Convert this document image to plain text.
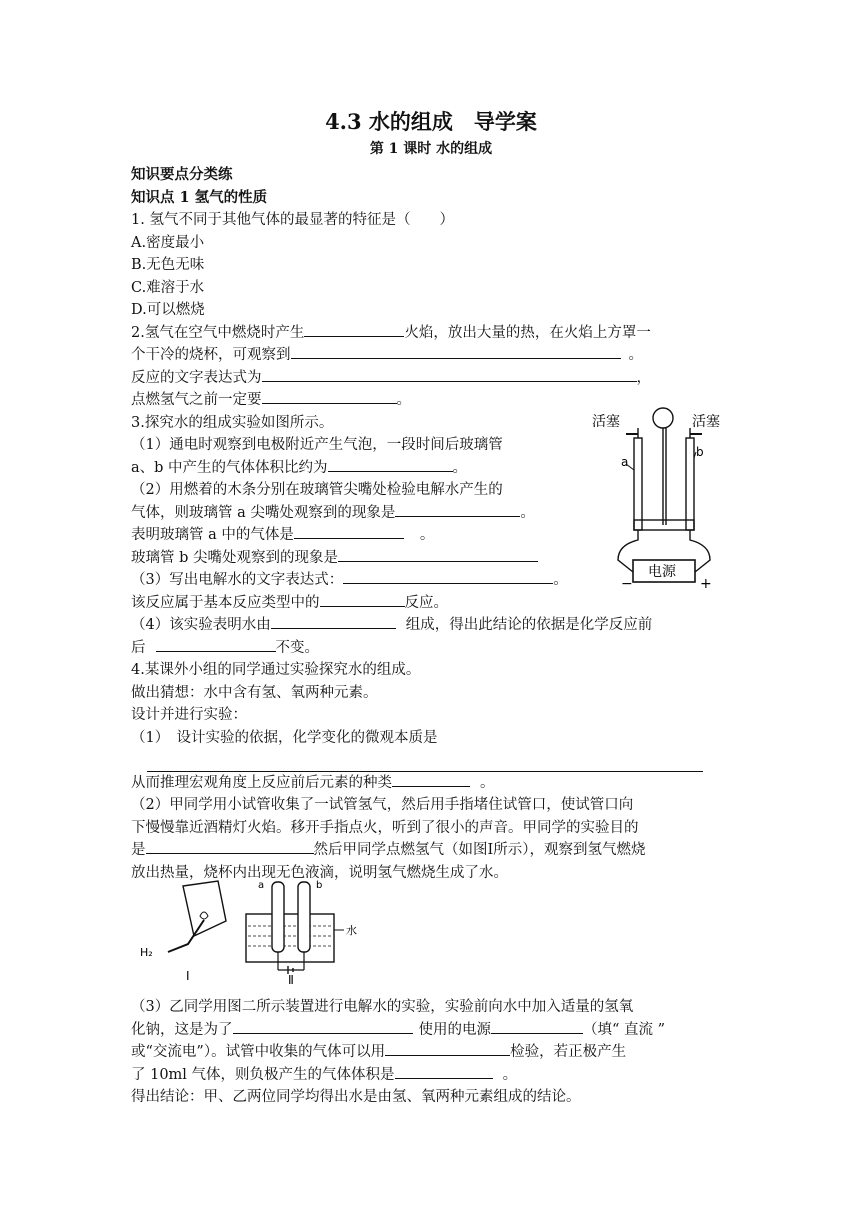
4.3 水的组成　导学案
第 1 课时 水的组成
知识要点分类练
知识点 1 氢气的性质
1. 氢气不同于其他气体的最显著的特征是（　　）
A.密度最小
B.无色无味
C.难溶于水
D.可以燃烧
2.氢气在空气中燃烧时产生	火焰，放出大量的热，在火焰上方罩一
个干冷的烧杯，可观察到	。
反应的文字表达式为	，
点燃氢气之前一定要	。
3.探究水的组成实验如图所示。
（1）通电时观察到电极附近产生气泡，一段时间后玻璃管
a、b 中产生的气体体积比约为	。
（2）用燃着的木条分别在玻璃管尖嘴处检验电解水产生的
气体，则玻璃管 a 尖嘴处观察到的现象是	。
表明玻璃管 a 中的气体是	。
玻璃管 b 尖嘴处观察到的现象是
（3）写出电解水的文字表达式：	。
该反应属于基本反应类型中的	反应。
（4）该实验表明水由	组成，得出此结论的依据是化学反应前
后	不变。
4.某课外小组的同学通过实验探究水的组成。
做出猜想：水中含有氢、氧两种元素。
设计并进行实验：
（1）　设计实验的依据，化学变化的微观本质是
从而推理宏观角度上反应前后元素的种类	。
（2）甲同学用小试管收集了一试管氢气，然后用手指堵住试管口，使试管口向
下慢慢靠近酒精灯火焰。移开手指点火，听到了很小的声音。甲同学的实验目的
是	然后甲同学点燃氢气（如图Ⅰ所示），观察到氢气燃烧
放出热量，烧杯内出现无色液滴，说明氢气燃烧生成了水。
（3）乙同学用图二所示装置进行电解水的实验，实验前向水中加入适量的氢氧
化钠，这是为了	使用的电源	（填“ 直流 ”
或“交流电”）。试管中收集的气体可以用	检验，若正极产生
了 10ml 气体，则负极产生的气体体积是	。
得出结论：甲、乙两位同学均得出水是由氢、氧两种元素组成的结论。
活塞	活塞
a
b
电源
−	+
H₂
Ⅰ
a	b
水
Ⅱ
